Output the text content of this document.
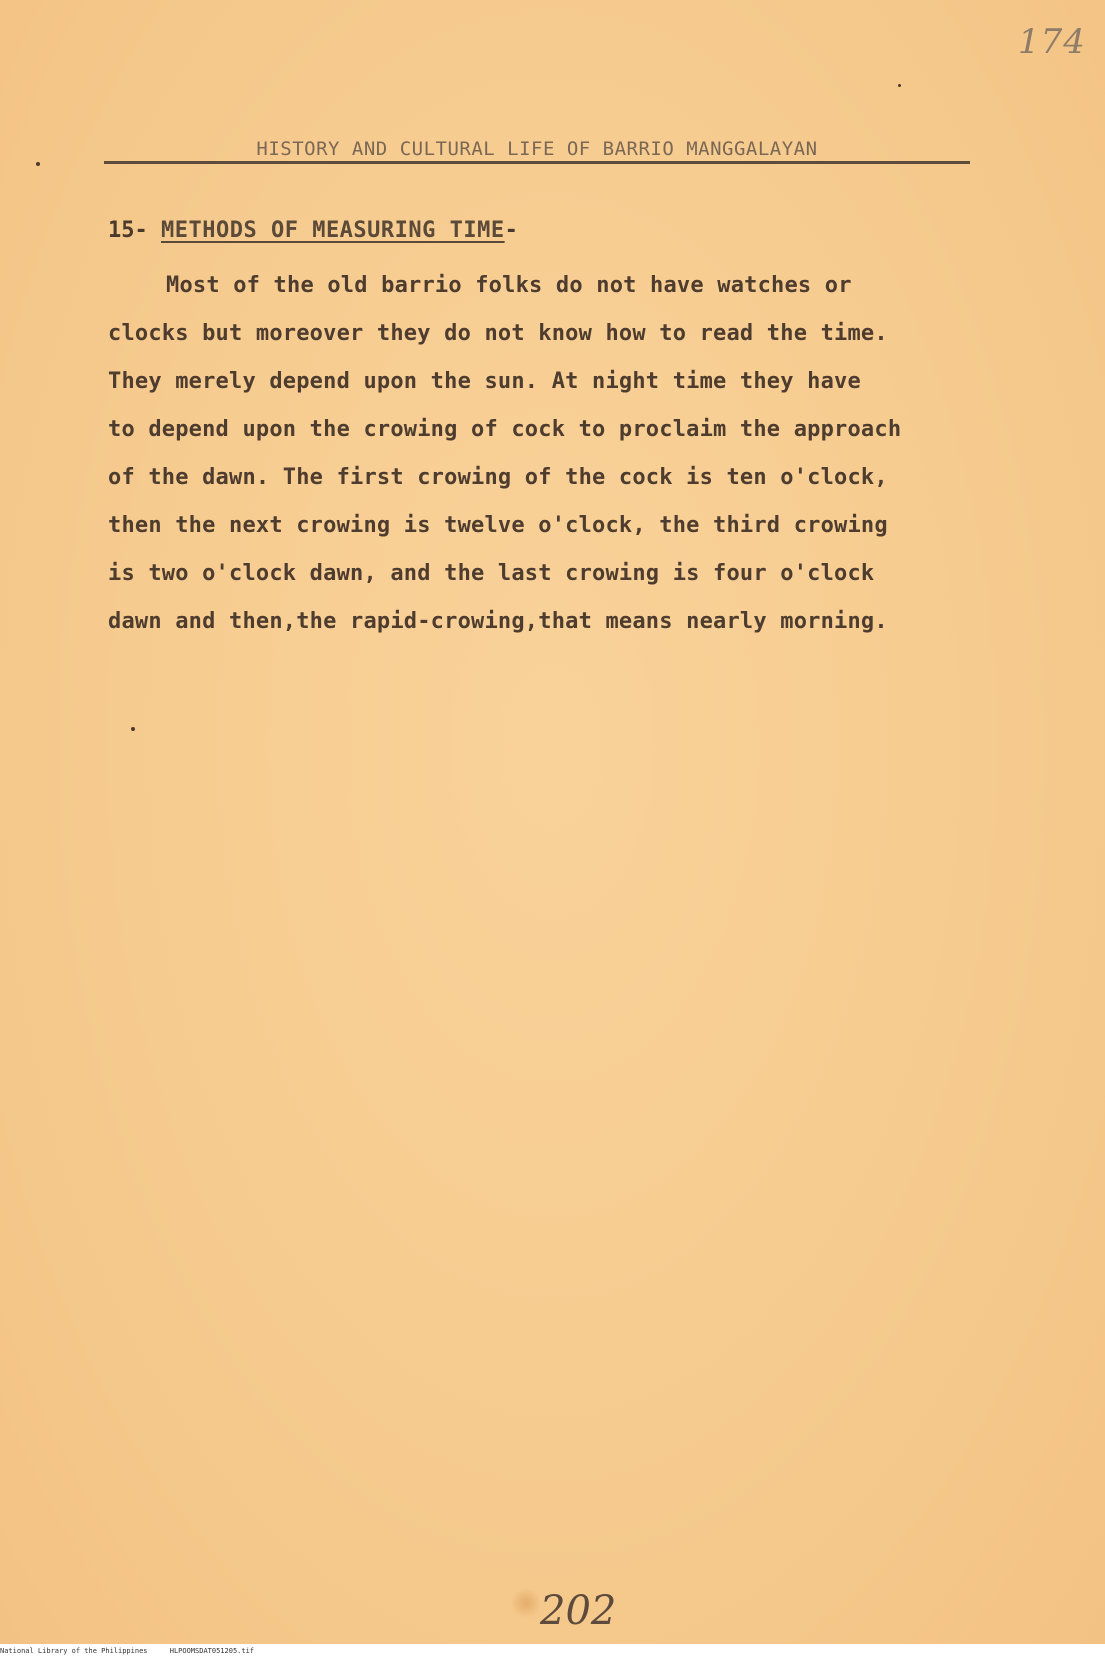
174
HISTORY AND CULTURAL LIFE OF BARRIO MANGGALAYAN
15- METHODS OF MEASURING TIME-
Most of the old barrio folks do not have watches or
clocks but moreover they do not know how to read the time.
They merely depend upon the sun. At night time they have
to depend upon the crowing of cock to proclaim the approach
of the dawn. The first crowing of the cock is ten o'clock,
then the next crowing is twelve o'clock, the third crowing
is two o'clock dawn, and the last crowing is four o'clock
dawn and then,the rapid-crowing,that means nearly morning.
202
National Library of the Philippines	HLPOOMSDAT051205.tif
